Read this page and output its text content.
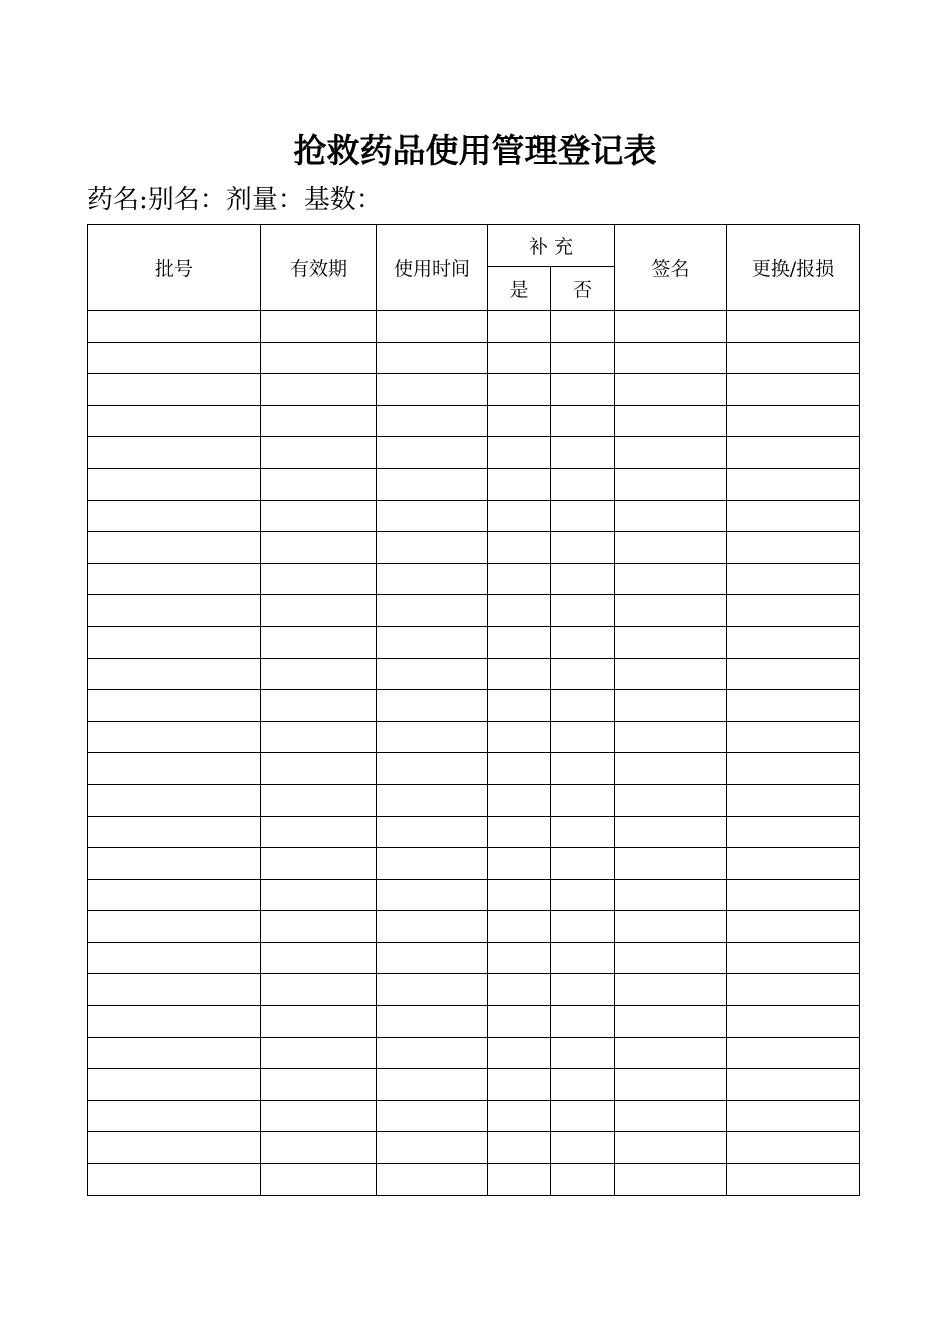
抢救药品使用管理登记表
药名:别名：剂量：基数：
批号	有效期	使用时间	补 充		签名	更换/报损
			是	否		
